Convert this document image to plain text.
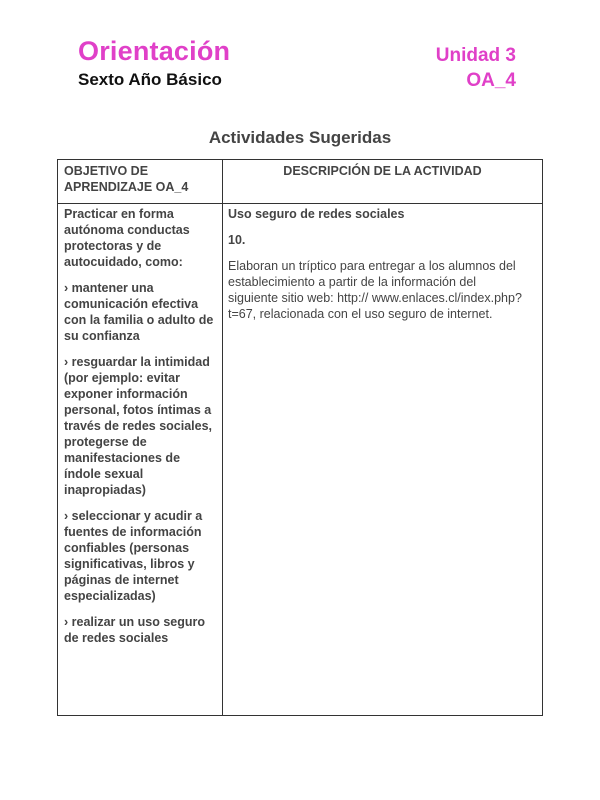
Orientación
Sexto Año Básico
Unidad 3
OA_4
Actividades Sugeridas
OBJETIVO DE APRENDIZAJE OA_4
DESCRIPCIÓN DE LA ACTIVIDAD

Practicar en forma autónoma conductas protectoras y de autocuidado, como:

› mantener una comunicación efectiva con la familia o adulto de su confianza

› resguardar la intimidad (por ejemplo: evitar exponer información personal, fotos íntimas a través de redes sociales, protegerse de manifestaciones de índole sexual inapropiadas)

› seleccionar y acudir a fuentes de información confiables (personas significativas, libros y páginas de internet especializadas)

› realizar un uso seguro de redes sociales

Uso seguro de redes sociales

10.

Elaboran un tríptico para entregar a los alumnos del establecimiento a partir de la información del siguiente sitio web: http:// www.enlaces.cl/index.php?t=67, relacionada con el uso seguro de internet.
